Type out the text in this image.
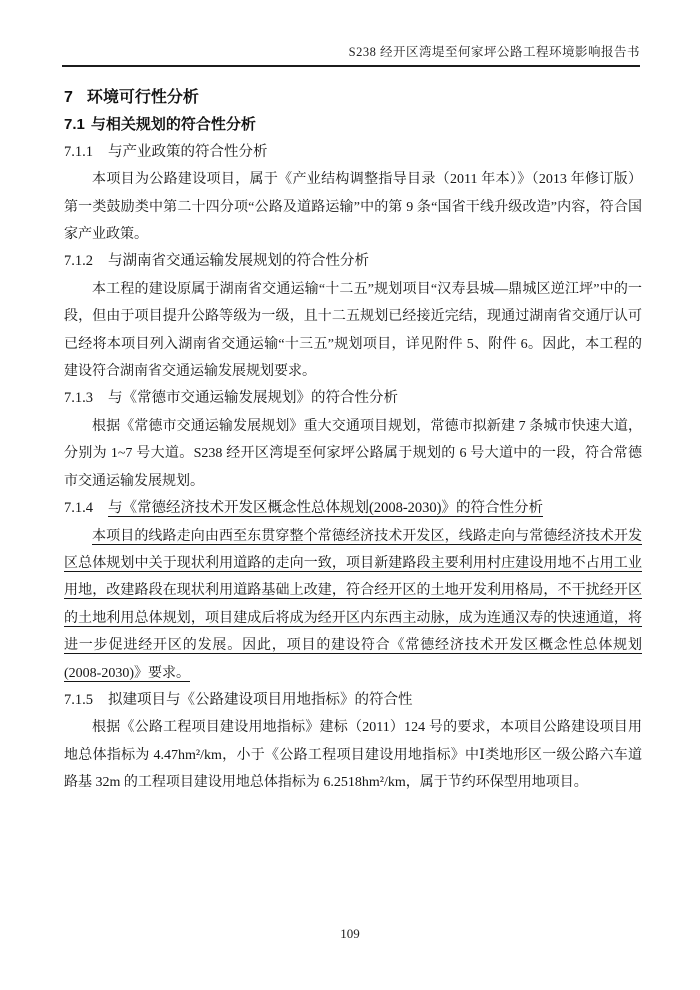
S238 经开区湾堤至何家坪公路工程环境影响报告书
7 环境可行性分析
7.1 与相关规划的符合性分析
7.1.1 与产业政策的符合性分析

本项目为公路建设项目，属于《产业结构调整指导目录（2011 年本）》（2013 年修订版）第一类鼓励类中第二十四分项“公路及道路运输”中的第 9 条“国省干线升级改造”内容，符合国家产业政策。

7.1.2 与湖南省交通运输发展规划的符合性分析

本工程的建设原属于湖南省交通运输“十二五”规划项目“汉寿县城—鼎城区逆江坪”中的一段，但由于项目提升公路等级为一级，且十二五规划已经接近完结，现通过湖南省交通厅认可已经将本项目列入湖南省交通运输“十三五”规划项目，详见附件 5、附件 6。因此，本工程的建设符合湖南省交通运输发展规划要求。

7.1.3 与《常德市交通运输发展规划》的符合性分析

根据《常德市交通运输发展规划》重大交通项目规划，常德市拟新建 7 条城市快速大道，分别为 1~7 号大道。S238 经开区湾堤至何家坪公路属于规划的 6 号大道中的一段，符合常德市交通运输发展规划。

7.1.4 与《常德经济技术开发区概念性总体规划(2008-2030)》的符合性分析

本项目的线路走向由西至东贯穿整个常德经济技术开发区，线路走向与常德经济技术开发区总体规划中关于现状利用道路的走向一致，项目新建路段主要利用村庄建设用地不占用工业用地，改建路段在现状利用道路基础上改建，符合经开区的土地开发利用格局，不干扰经开区的土地利用总体规划，项目建成后将成为经开区内东西主动脉，成为连通汉寿的快速通道，将进一步促进经开区的发展。因此，项目的建设符合《常德经济技术开发区概念性总体规划(2008-2030)》要求。

7.1.5 拟建项目与《公路建设项目用地指标》的符合性

根据《公路工程项目建设用地指标》建标（2011）124 号的要求，本项目公路建设项目用地总体指标为 4.47hm²/km，小于《公路工程项目建设用地指标》中Ⅰ类地形区一级公路六车道路基 32m 的工程项目建设用地总体指标为 6.2518hm²/km，属于节约环保型用地项目。

109
